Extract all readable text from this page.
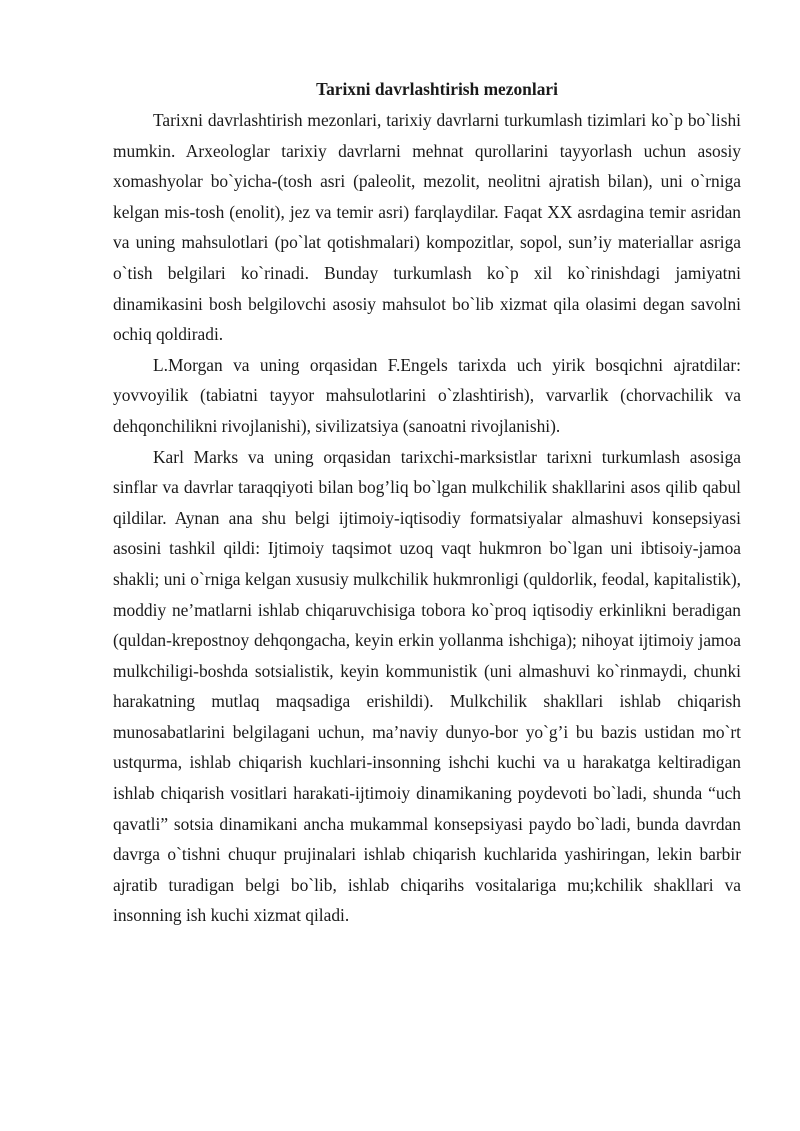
Tarixni davrlashtirish mezonlari

Tarixni davrlashtirish mezonlari, tarixiy davrlarni turkumlash tizimlari ko`p bo`lishi mumkin. Arxeologlar tarixiy davrlarni mehnat qurollarini tayyorlash uchun asosiy xomashyolar bo`yicha-(tosh asri (paleolit, mezolit, neolitni ajratish bilan), uni o`rniga kelgan mis-tosh (enolit), jez va temir asri) farqlaydilar. Faqat XX asrdagina temir asridan va uning mahsulotlari (po`lat qotishmalari) kompozitlar, sopol, sun’iy materiallar asriga o`tish belgilari ko`rinadi. Bunday turkumlash ko`p xil ko`rinishdagi jamiyatni dinamikasini bosh belgilovchi asosiy mahsulot bo`lib xizmat qila olasimi degan savolni ochiq qoldiradi.

L.Morgan va uning orqasidan F.Engels tarixda uch yirik bosqichni ajratdilar: yovvoyilik (tabiatni tayyor mahsulotlarini o`zlashtirish), varvarlik (chorvachilik va dehqonchilikni rivojlanishi), sivilizatsiya (sanoatni rivojlanishi).

Karl Marks va uning orqasidan tarixchi-marksistlar tarixni turkumlash asosiga sinflar va davrlar taraqqiyoti bilan bog’liq bo`lgan mulkchilik shakllarini asos qilib qabul qildilar. Aynan ana shu belgi ijtimoiy-iqtisodiy formatsiyalar almashuvi konsepsiyasi asosini tashkil qildi: Ijtimoiy taqsimot uzoq vaqt hukmron bo`lgan uni ibtisoiy-jamoa shakli; uni o`rniga kelgan xususiy mulkchilik hukmronligi (quldorlik, feodal, kapitalistik), moddiy ne’matlarni ishlab chiqaruvchisiga tobora ko`proq iqtisodiy erkinlikni beradigan (quldan-krepostnoy dehqongacha, keyin erkin yollanma ishchiga); nihoyat ijtimoiy jamoa mulkchiligi-boshda sotsialistik, keyin kommunistik (uni almashuvi ko`rinmaydi, chunki harakatning mutlaq maqsadiga erishildi). Mulkchilik shakllari ishlab chiqarish munosabatlarini belgilagani uchun, ma’naviy dunyo-bor yo`g’i bu bazis ustidan mo`rt ustqurma, ishlab chiqarish kuchlari-insonning ishchi kuchi va u harakatga keltiradigan ishlab chiqarish vositlari harakati-ijtimoiy dinamikaning poydevoti bo`ladi, shunda “uch qavatli” sotsia dinamikani ancha mukammal konsepsiyasi paydo bo`ladi, bunda davrdan davrga o`tishni chuqur prujinalari ishlab chiqarish kuchlarida yashiringan, lekin barbir ajratib turadigan belgi bo`lib, ishlab chiqarihs vositalariga mu;kchilik shakllari va insonning ish kuchi xizmat qiladi.
